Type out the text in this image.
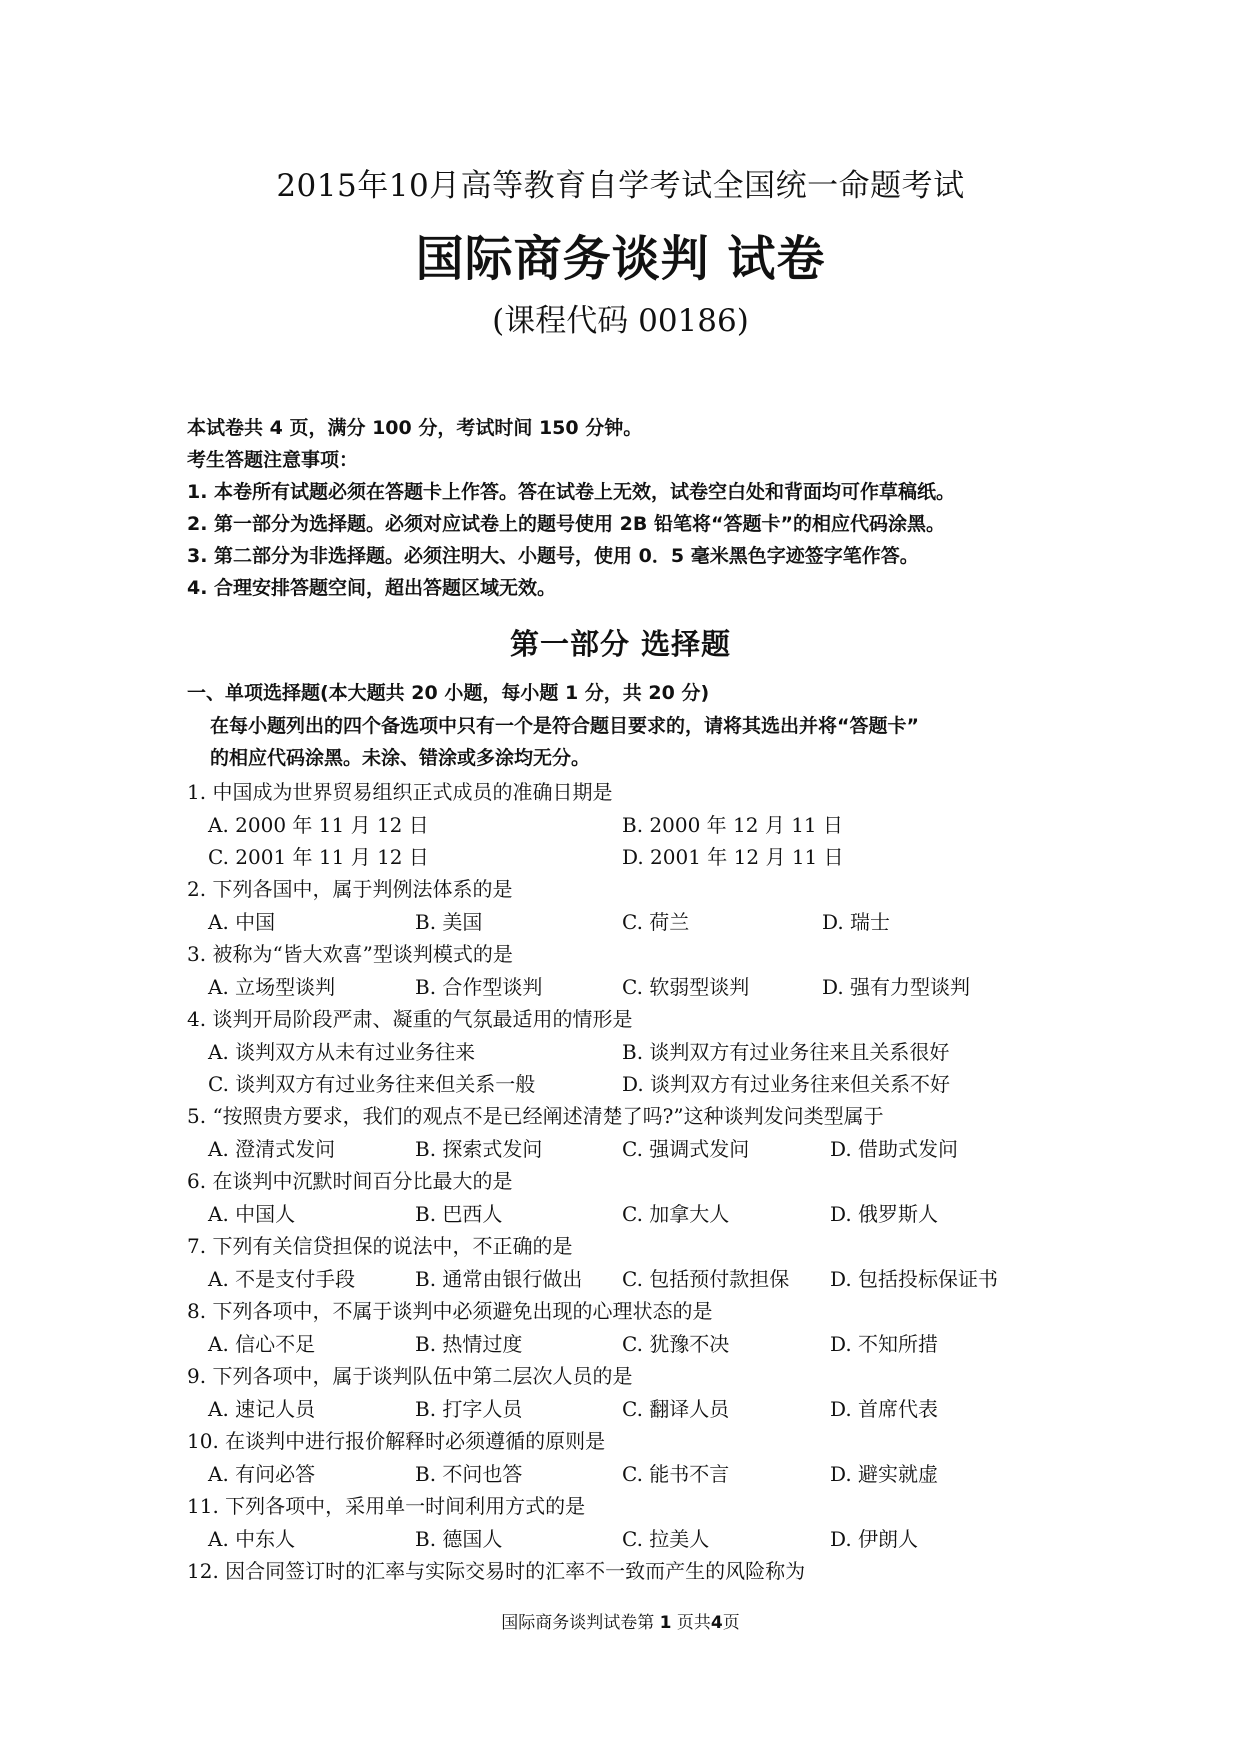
2015年10月高等教育自学考试全国统一命题考试
国际商务谈判 试卷
(课程代码 00186)
本试卷共 4 页，满分 100 分，考试时间 150 分钟。
考生答题注意事项：
1. 本卷所有试题必须在答题卡上作答。答在试卷上无效，试卷空白处和背面均可作草稿纸。
2. 第一部分为选择题。必须对应试卷上的题号使用 2B 铅笔将“答题卡”的相应代码涂黑。
3. 第二部分为非选择题。必须注明大、小题号，使用 0．5 毫米黑色字迹签字笔作答。
4. 合理安排答题空间，超出答题区域无效。
第一部分 选择题
一、单项选择题(本大题共 20 小题，每小题 1 分，共 20 分)
在每小题列出的四个备选项中只有一个是符合题目要求的，请将其选出并将“答题卡”
的相应代码涂黑。未涂、错涂或多涂均无分。
1. 中国成为世界贸易组织正式成员的准确日期是
A. 2000 年 11 月 12 日	B. 2000 年 12 月 11 日
C. 2001 年 11 月 12 日	D. 2001 年 12 月 11 日
2. 下列各国中，属于判例法体系的是
A. 中国	B. 美国	C. 荷兰	D. 瑞士
3. 被称为“皆大欢喜”型谈判模式的是
A. 立场型谈判	B. 合作型谈判	C. 软弱型谈判	D. 强有力型谈判
4. 谈判开局阶段严肃、凝重的气氛最适用的情形是
A. 谈判双方从未有过业务往来	B. 谈判双方有过业务往来且关系很好
C. 谈判双方有过业务往来但关系一般	D. 谈判双方有过业务往来但关系不好
5. “按照贵方要求，我们的观点不是已经阐述清楚了吗?”这种谈判发问类型属于
A. 澄清式发问	B. 探索式发问	C. 强调式发问	D. 借助式发问
6. 在谈判中沉默时间百分比最大的是
A. 中国人	B. 巴西人	C. 加拿大人	D. 俄罗斯人
7. 下列有关信贷担保的说法中，不正确的是
A. 不是支付手段	B. 通常由银行做出 C. 包括预付款担保 D. 包括投标保证书
8. 下列各项中，不属于谈判中必须避免出现的心理状态的是
A. 信心不足	B. 热情过度	C. 犹豫不决	D. 不知所措
9. 下列各项中，属于谈判队伍中第二层次人员的是
A. 速记人员	B. 打字人员	C. 翻译人员	D. 首席代表
10. 在谈判中进行报价解释时必须遵循的原则是
A. 有问必答	B. 不问也答	C. 能书不言	D. 避实就虚
11. 下列各项中，采用单一时间利用方式的是
A. 中东人	B. 德国人	C. 拉美人	D. 伊朗人
12. 因合同签订时的汇率与实际交易时的汇率不一致而产生的风险称为
国际商务谈判试卷第 1 页共4页
